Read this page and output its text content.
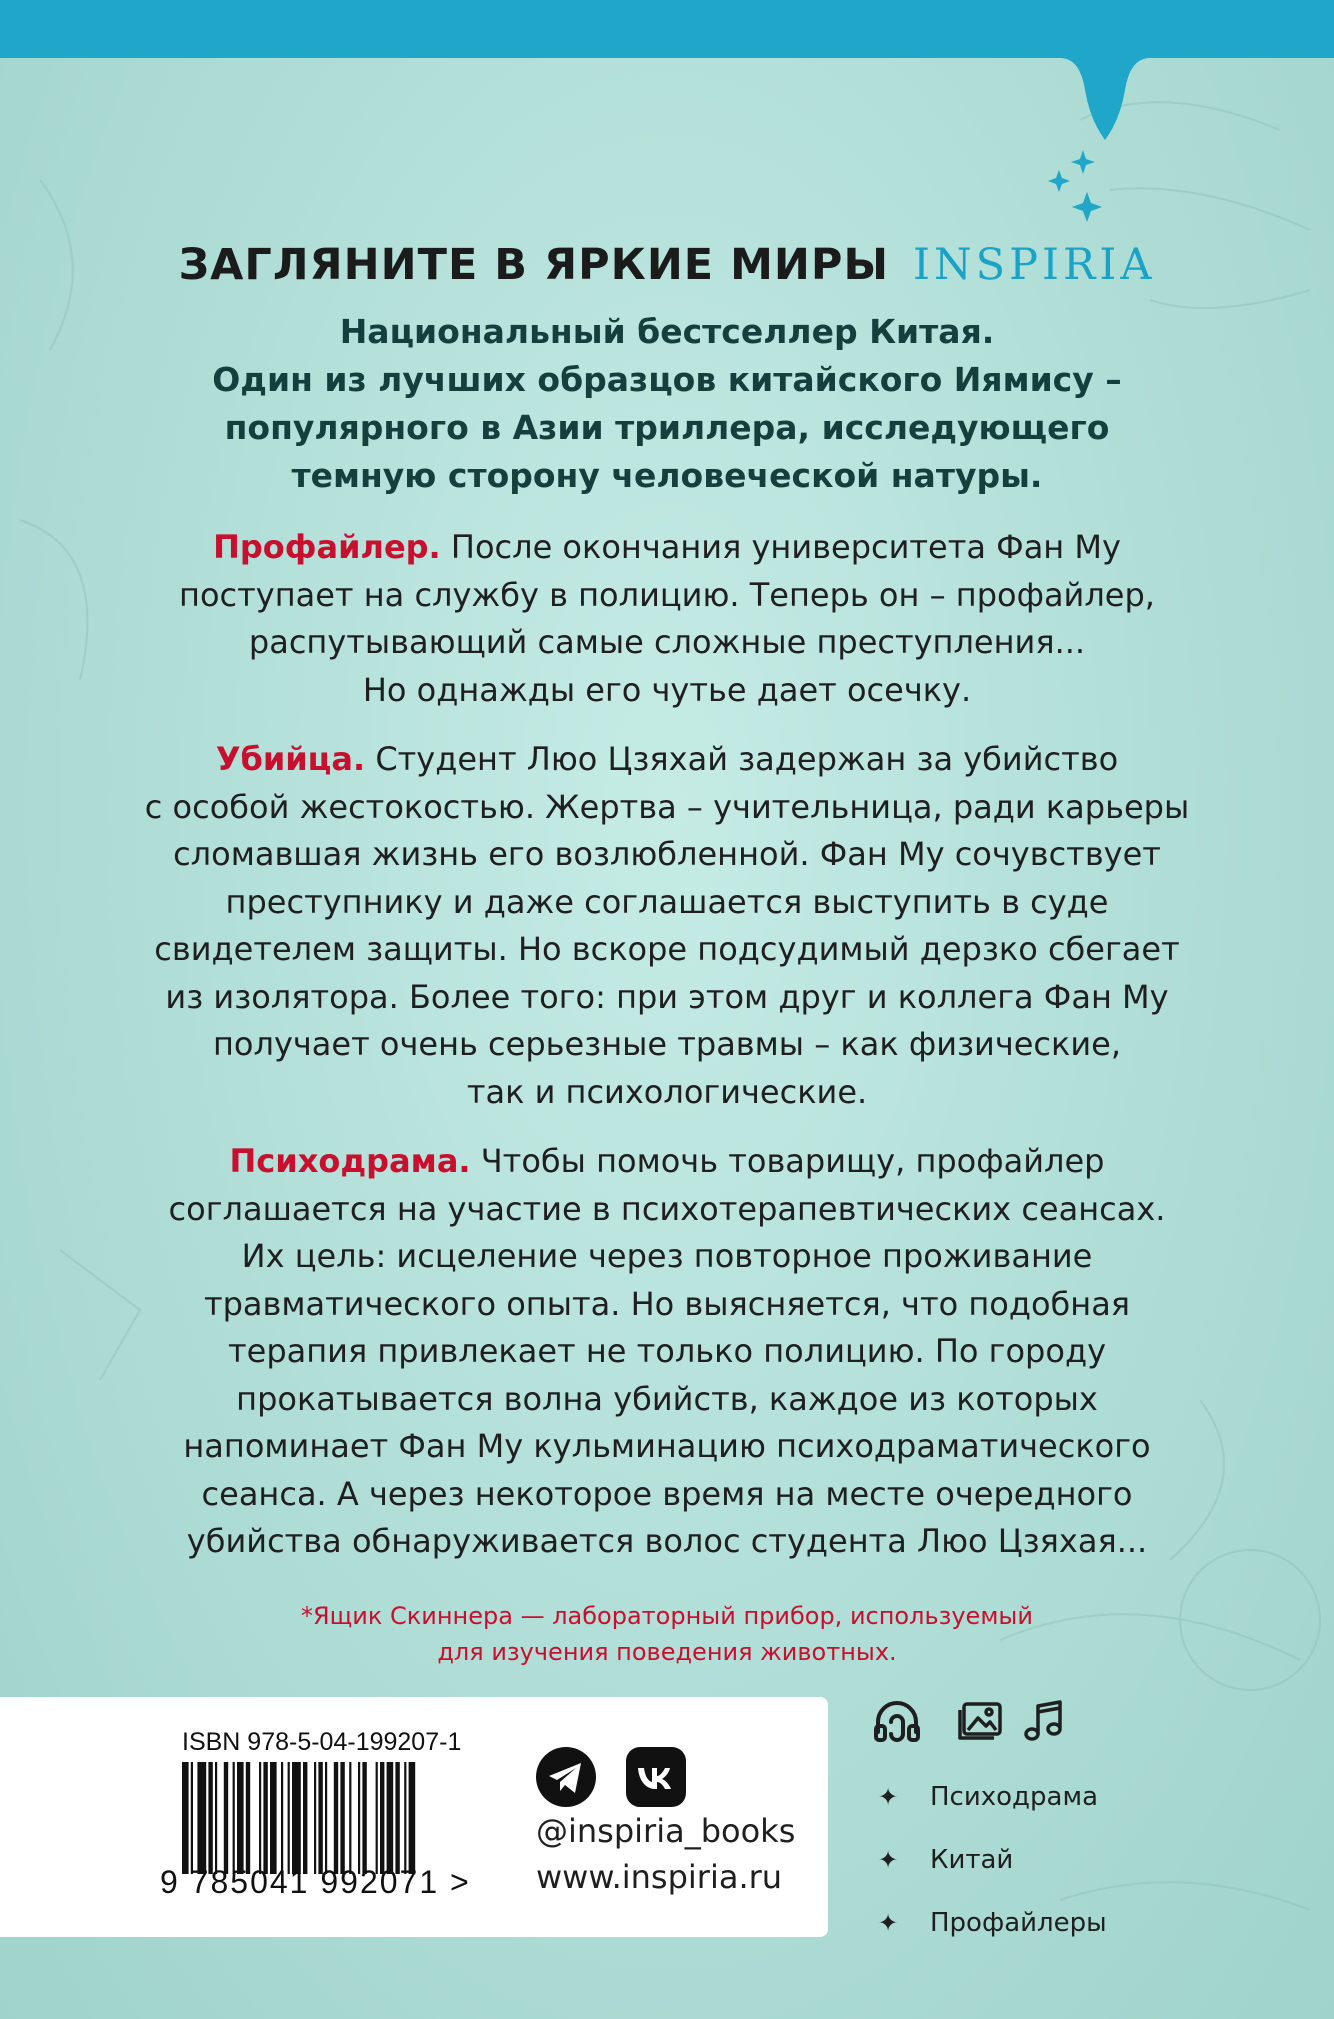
ЗАГЛЯНИТЕ В ЯРКИЕ МИРЫ INSPIRIA
Национальный бестселлер Китая.
Один из лучших образцов китайского Иямису –
популярного в Азии триллера, исследующего
темную сторону человеческой натуры.
Профайлер. После окончания университета Фан Му
поступает на службу в полицию. Теперь он – профайлер,
распутывающий самые сложные преступления...
Но однажды его чутье дает осечку.
Убийца. Студент Люо Цзяхай задержан за убийство
с особой жестокостью. Жертва – учительница, ради карьеры
сломавшая жизнь его возлюбленной. Фан Му сочувствует
преступнику и даже соглашается выступить в суде
свидетелем защиты. Но вскоре подсудимый дерзко сбегает
из изолятора. Более того: при этом друг и коллега Фан Му
получает очень серьезные травмы – как физические,
так и психологические.
Психодрама. Чтобы помочь товарищу, профайлер
соглашается на участие в психотерапевтических сеансах.
Их цель: исцеление через повторное проживание
травматического опыта. Но выясняется, что подобная
терапия привлекает не только полицию. По городу
прокатывается волна убийств, каждое из которых
напоминает Фан Му кульминацию психодраматического
сеанса. А через некоторое время на месте очередного
убийства обнаруживается волос студента Люо Цзяхая...
*Ящик Скиннера — лабораторный прибор, используемый
для изучения поведения животных.
ISBN 978-5-04-199207-1
9 785041 992071 >
@inspiria_books
www.inspiria.ru
✦ Психодрама
✦ Китай
✦ Профайлеры
